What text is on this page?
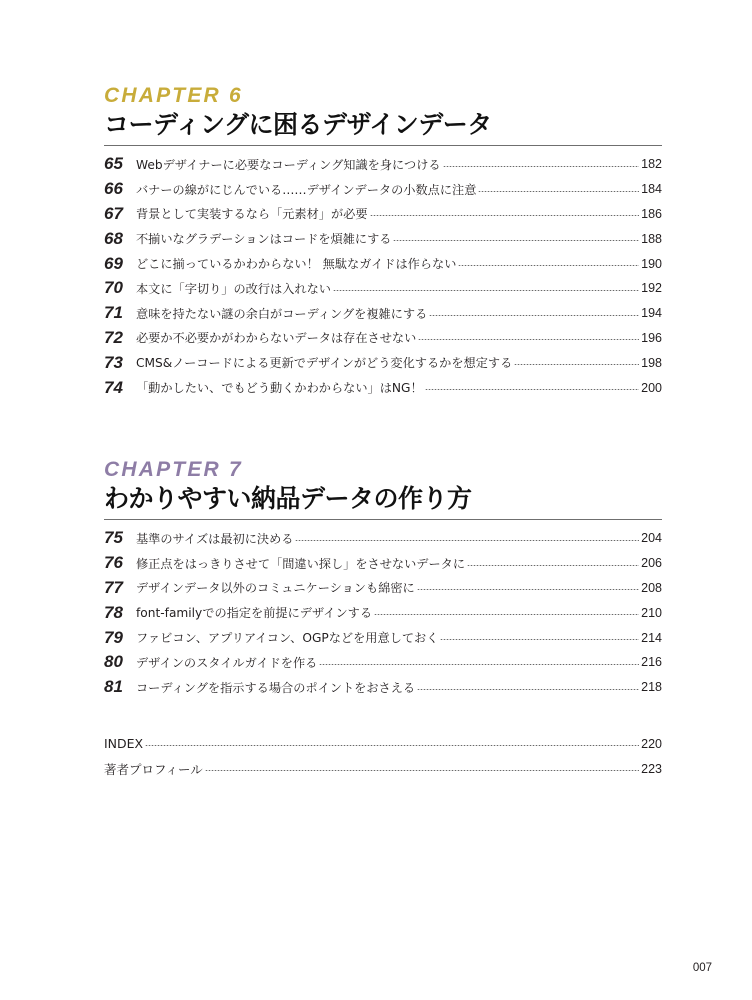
CHAPTER 6
コーディングに困るデザインデータ
65	Webデザイナーに必要なコーディング知識を身につける	182
66	バナーの線がにじんでいる……デザインデータの小数点に注意	184
67	背景として実装するなら「元素材」が必要	186
68	不揃いなグラデーションはコードを煩雑にする	188
69	どこに揃っているかわからない！ 無駄なガイドは作らない	190
70	本文に「字切り」の改行は入れない	192
71	意味を持たない謎の余白がコーディングを複雑にする	194
72	必要か不必要かがわからないデータは存在させない	196
73	CMS&ノーコードによる更新でデザインがどう変化するかを想定する	198
74	「動かしたい、でもどう動くかわからない」はNG！	200
CHAPTER 7
わかりやすい納品データの作り方
75	基準のサイズは最初に決める	204
76	修正点をはっきりさせて「間違い探し」をさせないデータに	206
77	デザインデータ以外のコミュニケーションも綿密に	208
78	font-familyでの指定を前提にデザインする	210
79	ファビコン、アプリアイコン、OGPなどを用意しておく	214
80	デザインのスタイルガイドを作る	216
81	コーディングを指示する場合のポイントをおさえる	218
INDEX	220
著者プロフィール	223
007
